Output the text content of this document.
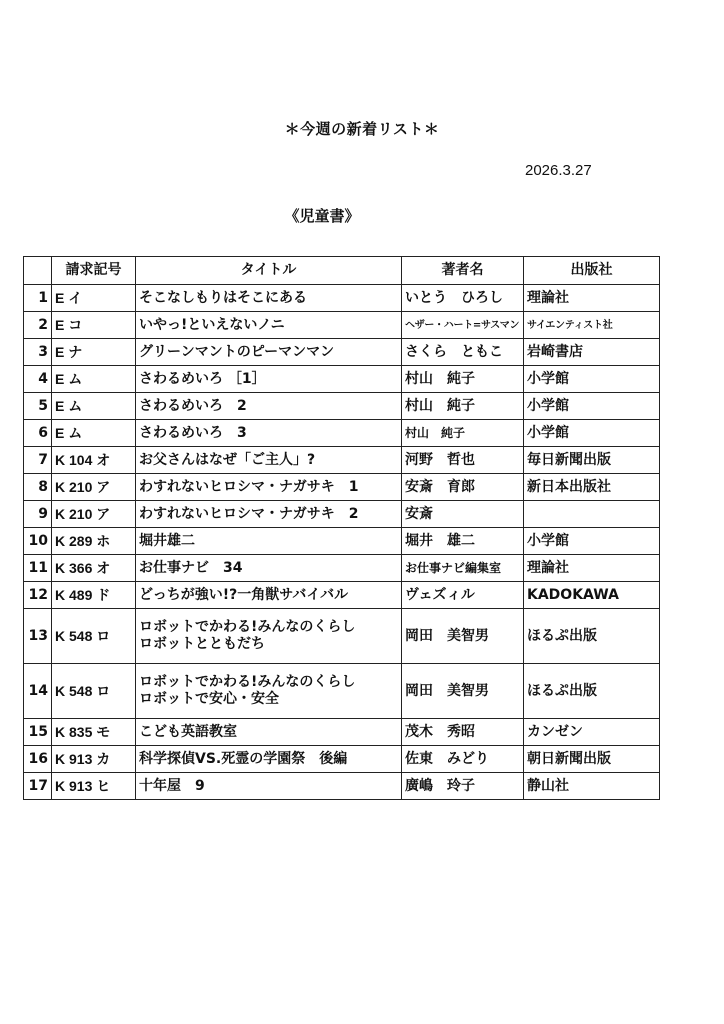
＊今週の新着リスト＊
2026.3.27
《児童書》
	請求記号	タイトル	著者名	出版社
1	E イ	そこなしもりはそこにある	いとう　ひろし	理論社
2	E コ	いやっ!といえないノニ	ヘザー・ハート=サスマン	サイエンティスト社
3	E ナ	グリーンマントのピーマンマン	さくら　ともこ	岩崎書店
4	E ム	さわるめいろ ［1］	村山　純子	小学館
5	E ム	さわるめいろ　2	村山　純子	小学館
6	E ム	さわるめいろ　3	村山　純子	小学館
7	K 104 オ	お父さんはなぜ「ご主人」?	河野　哲也	毎日新聞出版
8	K 210 ア	わすれないヒロシマ・ナガサキ　1	安斎　育郎	新日本出版社
9	K 210 ア	わすれないヒロシマ・ナガサキ　2	安斎	
10	K 289 ホ	堀井雄二	堀井　雄二	小学館
11	K 366 オ	お仕事ナビ　34	お仕事ナビ編集室	理論社
12	K 489 ド	どっちが強い!?一角獣サバイバル	ヴェズィル	KADOKAWA
13	K 548 ロ	ロボットでかわる!みんなのくらし
ロボットとともだち	岡田　美智男	ほるぷ出版
14	K 548 ロ	ロボットでかわる!みんなのくらし
ロボットで安心・安全	岡田　美智男	ほるぷ出版
15	K 835 モ	こども英語教室	茂木　秀昭	カンゼン
16	K 913 カ	科学探偵VS.死霊の学園祭　後編	佐東　みどり	朝日新聞出版
17	K 913 ヒ	十年屋　9	廣嶋　玲子	静山社
